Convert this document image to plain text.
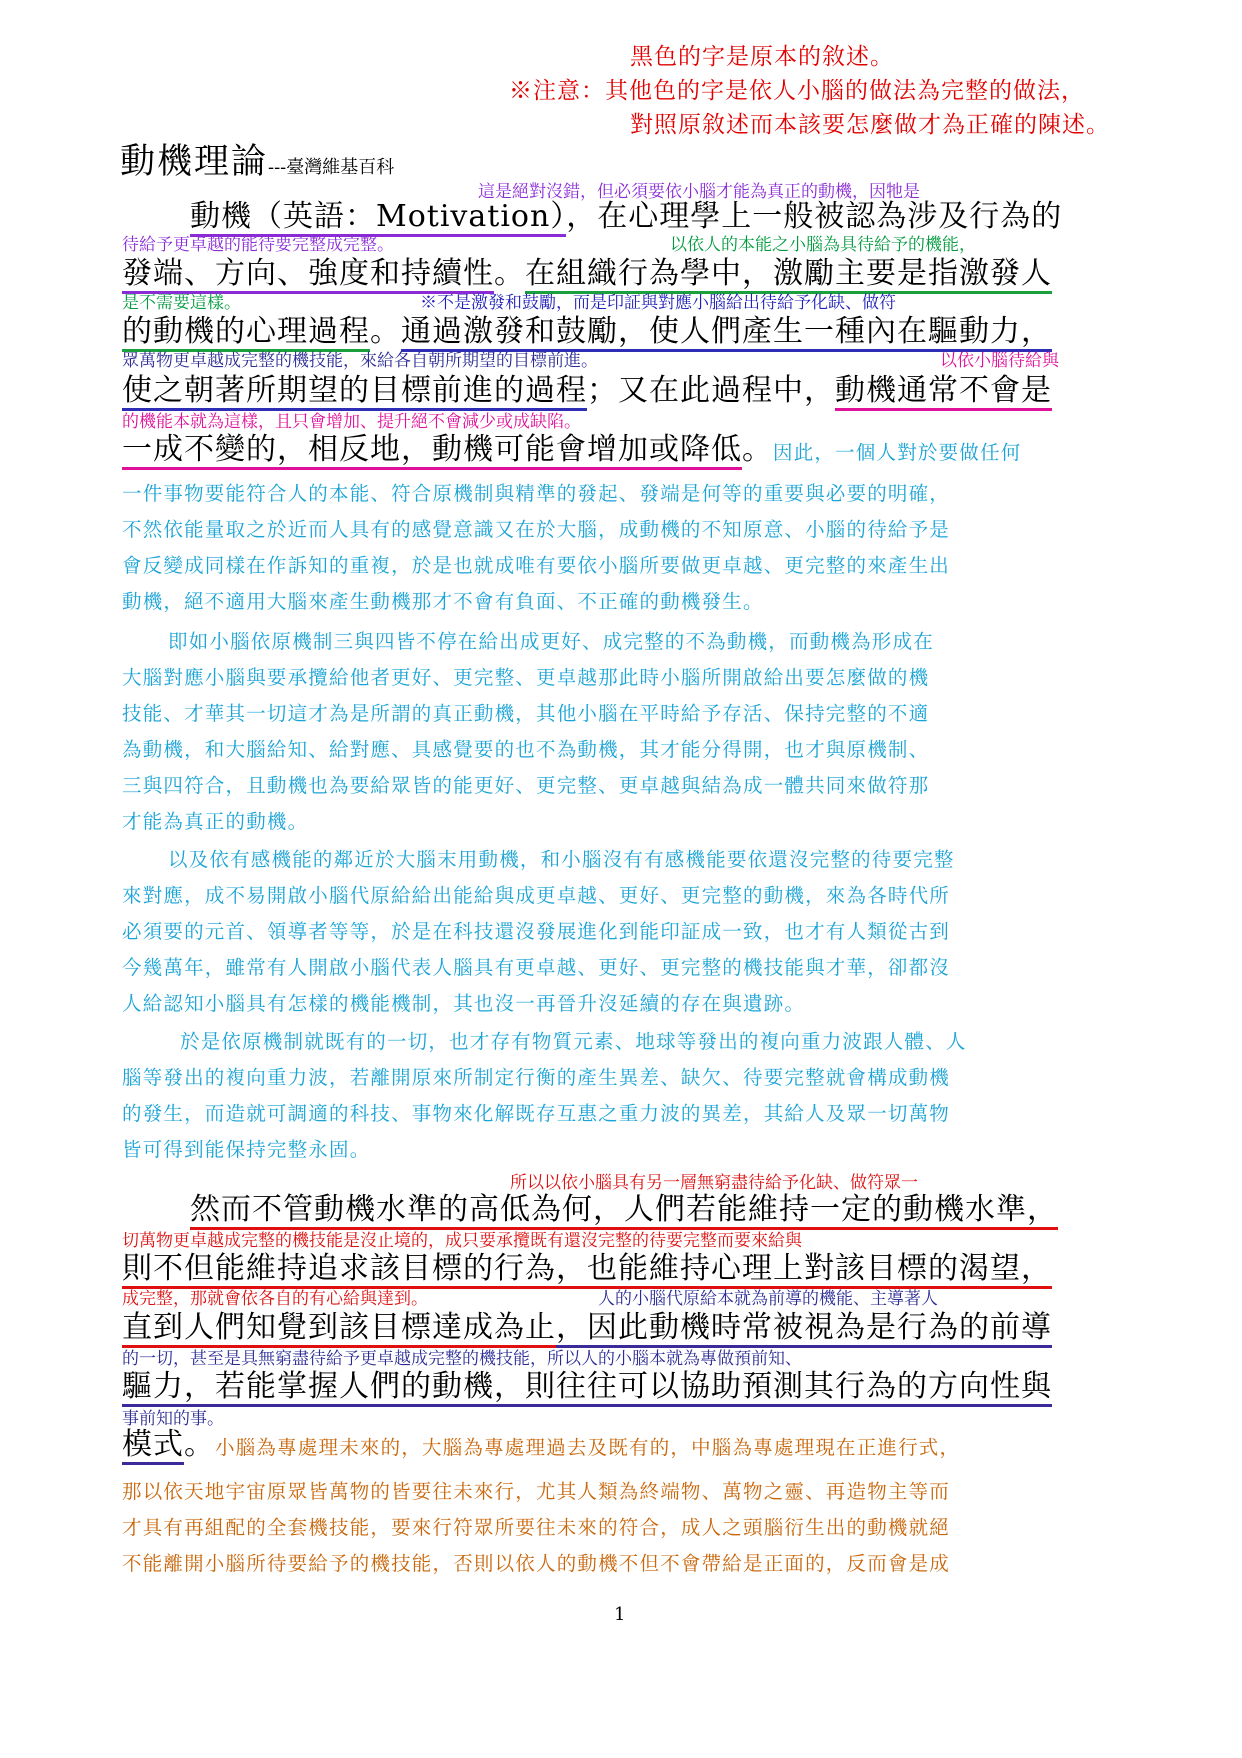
黑色的字是原本的敘述。
※注意：其他色的字是依人小腦的做法為完整的做法，
對照原敘述而本該要怎麼做才為正確的陳述。
動機理論---臺灣維基百科
這是絕對沒錯，但必須要依小腦才能為真正的動機，因牠是
動機（英語：Motivation），在心理學上一般被認為涉及行為的
待給予更卓越的能待要完整成完整。	以依人的本能之小腦為具待給予的機能，
發端、方向、強度和持續性。在組織行為學中，激勵主要是指激發人
是不需要這樣。	※不是激發和鼓勵，而是印証與對應小腦給出待給予化缺、做符
的動機的心理過程。通過激發和鼓勵，使人們產生一種內在驅動力，
眾萬物更卓越成完整的機技能，來給各自朝所期望的目標前進。	以依小腦待給與
使之朝著所期望的目標前進的過程；又在此過程中，動機通常不會是
的機能本就為這樣，且只會增加、提升絕不會減少或成缺陷。
一成不變的，相反地，動機可能會增加或降低。因此，一個人對於要做任何
一件事物要能符合人的本能、符合原機制與精準的發起、發端是何等的重要與必要的明確，
不然依能量取之於近而人具有的感覺意識又在於大腦，成動機的不知原意、小腦的待給予是
會反變成同樣在作訴知的重複，於是也就成唯有要依小腦所要做更卓越、更完整的來產生出
動機，絕不適用大腦來產生動機那才不會有負面、不正確的動機發生。
即如小腦依原機制三與四皆不停在給出成更好、成完整的不為動機，而動機為形成在
大腦對應小腦與要承攬給他者更好、更完整、更卓越那此時小腦所開啟給出要怎麼做的機
技能、才華其一切這才為是所謂的真正動機，其他小腦在平時給予存活、保持完整的不適
為動機，和大腦給知、給對應、具感覺要的也不為動機，其才能分得開，也才與原機制、
三與四符合，且動機也為要給眾皆的能更好、更完整、更卓越與結為成一體共同來做符那
才能為真正的動機。
以及依有感機能的鄰近於大腦末用動機，和小腦沒有有感機能要依還沒完整的待要完整
來對應，成不易開啟小腦代原給給出能給與成更卓越、更好、更完整的動機，來為各時代所
必須要的元首、領導者等等，於是在科技還沒發展進化到能印証成一致，也才有人類從古到
今幾萬年，雖常有人開啟小腦代表人腦具有更卓越、更好、更完整的機技能與才華，卻都沒
人給認知小腦具有怎樣的機能機制，其也沒一再晉升沒延續的存在與遺跡。
於是依原機制就既有的一切，也才存有物質元素、地球等發出的複向重力波跟人體、人
腦等發出的複向重力波，若離開原來所制定行衡的產生異差、缺欠、待要完整就會構成動機
的發生，而造就可調適的科技、事物來化解既存互惠之重力波的異差，其給人及眾一切萬物
皆可得到能保持完整永固。
所以以依小腦具有另一層無窮盡待給予化缺、做符眾一
然而不管動機水準的高低為何，人們若能維持一定的動機水準，
切萬物更卓越成完整的機技能是沒止境的，成只要承攬既有還沒完整的待要完整而要來給與
則不但能維持追求該目標的行為，也能維持心理上對該目標的渴望，
成完整，那就會依各自的有心給與達到。	人的小腦代原給本就為前導的機能、主導著人
直到人們知覺到該目標達成為止，因此動機時常被視為是行為的前導
的一切，甚至是具無窮盡待給予更卓越成完整的機技能，所以人的小腦本就為專做預前知、
驅力，若能掌握人們的動機，則往往可以協助預測其行為的方向性與
事前知的事。
模式。小腦為專處理未來的，大腦為專處理過去及既有的，中腦為專處理現在正進行式，
那以依天地宇宙原眾皆萬物的皆要往未來行，尤其人類為終端物、萬物之靈、再造物主等而
才具有再組配的全套機技能，要來行符眾所要往未來的符合，成人之頭腦衍生出的動機就絕
不能離開小腦所待要給予的機技能，否則以依人的動機不但不會帶給是正面的，反而會是成
1
